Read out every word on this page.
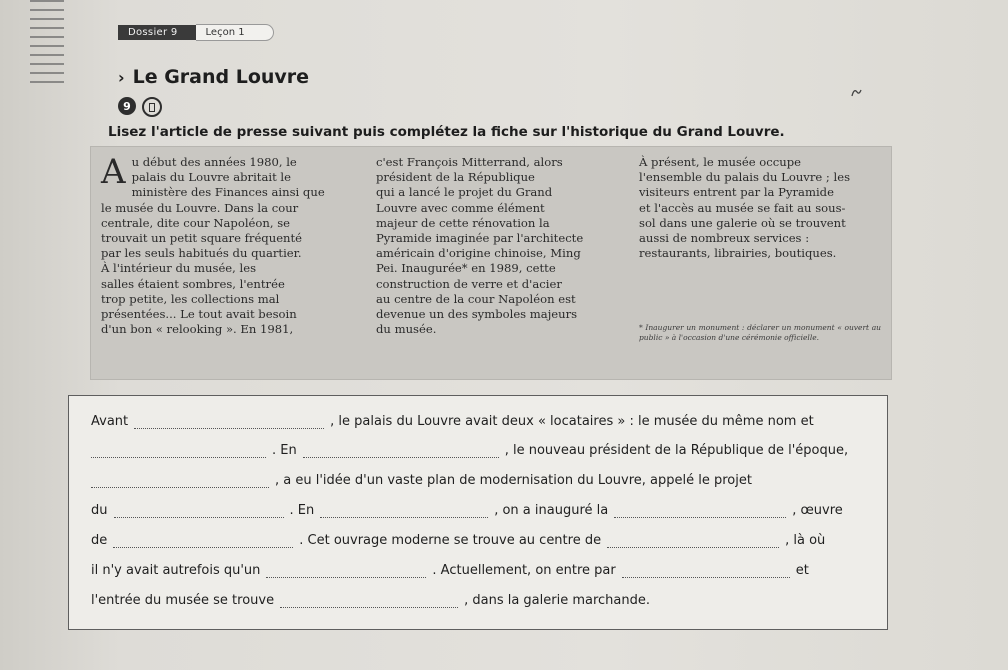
Dossier 9	Leçon 1
› Le Grand Louvre
9
Lisez l'article de presse suivant puis complétez la fiche sur l'historique du Grand Louvre.
A u début des années 1980, le
palais du Louvre abritait le
ministère des Finances ainsi que
le musée du Louvre. Dans la cour
centrale, dite cour Napoléon, se
trouvait un petit square fréquenté
par les seuls habitués du quartier.
À l'intérieur du musée, les
salles étaient sombres, l'entrée
trop petite, les collections mal
présentées... Le tout avait besoin
d'un bon « relooking ». En 1981,
c'est François Mitterrand, alors
président de la République
qui a lancé le projet du Grand
Louvre avec comme élément
majeur de cette rénovation la
Pyramide imaginée par l'architecte
américain d'origine chinoise, Ming
Pei. Inaugurée* en 1989, cette
construction de verre et d'acier
au centre de la cour Napoléon est
devenue un des symboles majeurs
du musée.
À présent, le musée occupe
l'ensemble du palais du Louvre ; les
visiteurs entrent par la Pyramide
et l'accès au musée se fait au sous-
sol dans une galerie où se trouvent
aussi de nombreux services :
restaurants, librairies, boutiques.
* Inaugurer un monument : déclarer un monument « ouvert au public » à l'occasion d'une cérémonie officielle.
Avant	, le palais du Louvre avait deux « locataires » : le musée du même nom et
. En	, le nouveau président de la République de l'époque,
, a eu l'idée d'un vaste plan de modernisation du Louvre, appelé le projet
du	. En	, on a inauguré la	, œuvre
de	. Cet ouvrage moderne se trouve au centre de	, là où
il n'y avait autrefois qu'un	. Actuellement, on entre par	et
l'entrée du musée se trouve	, dans la galerie marchande.
